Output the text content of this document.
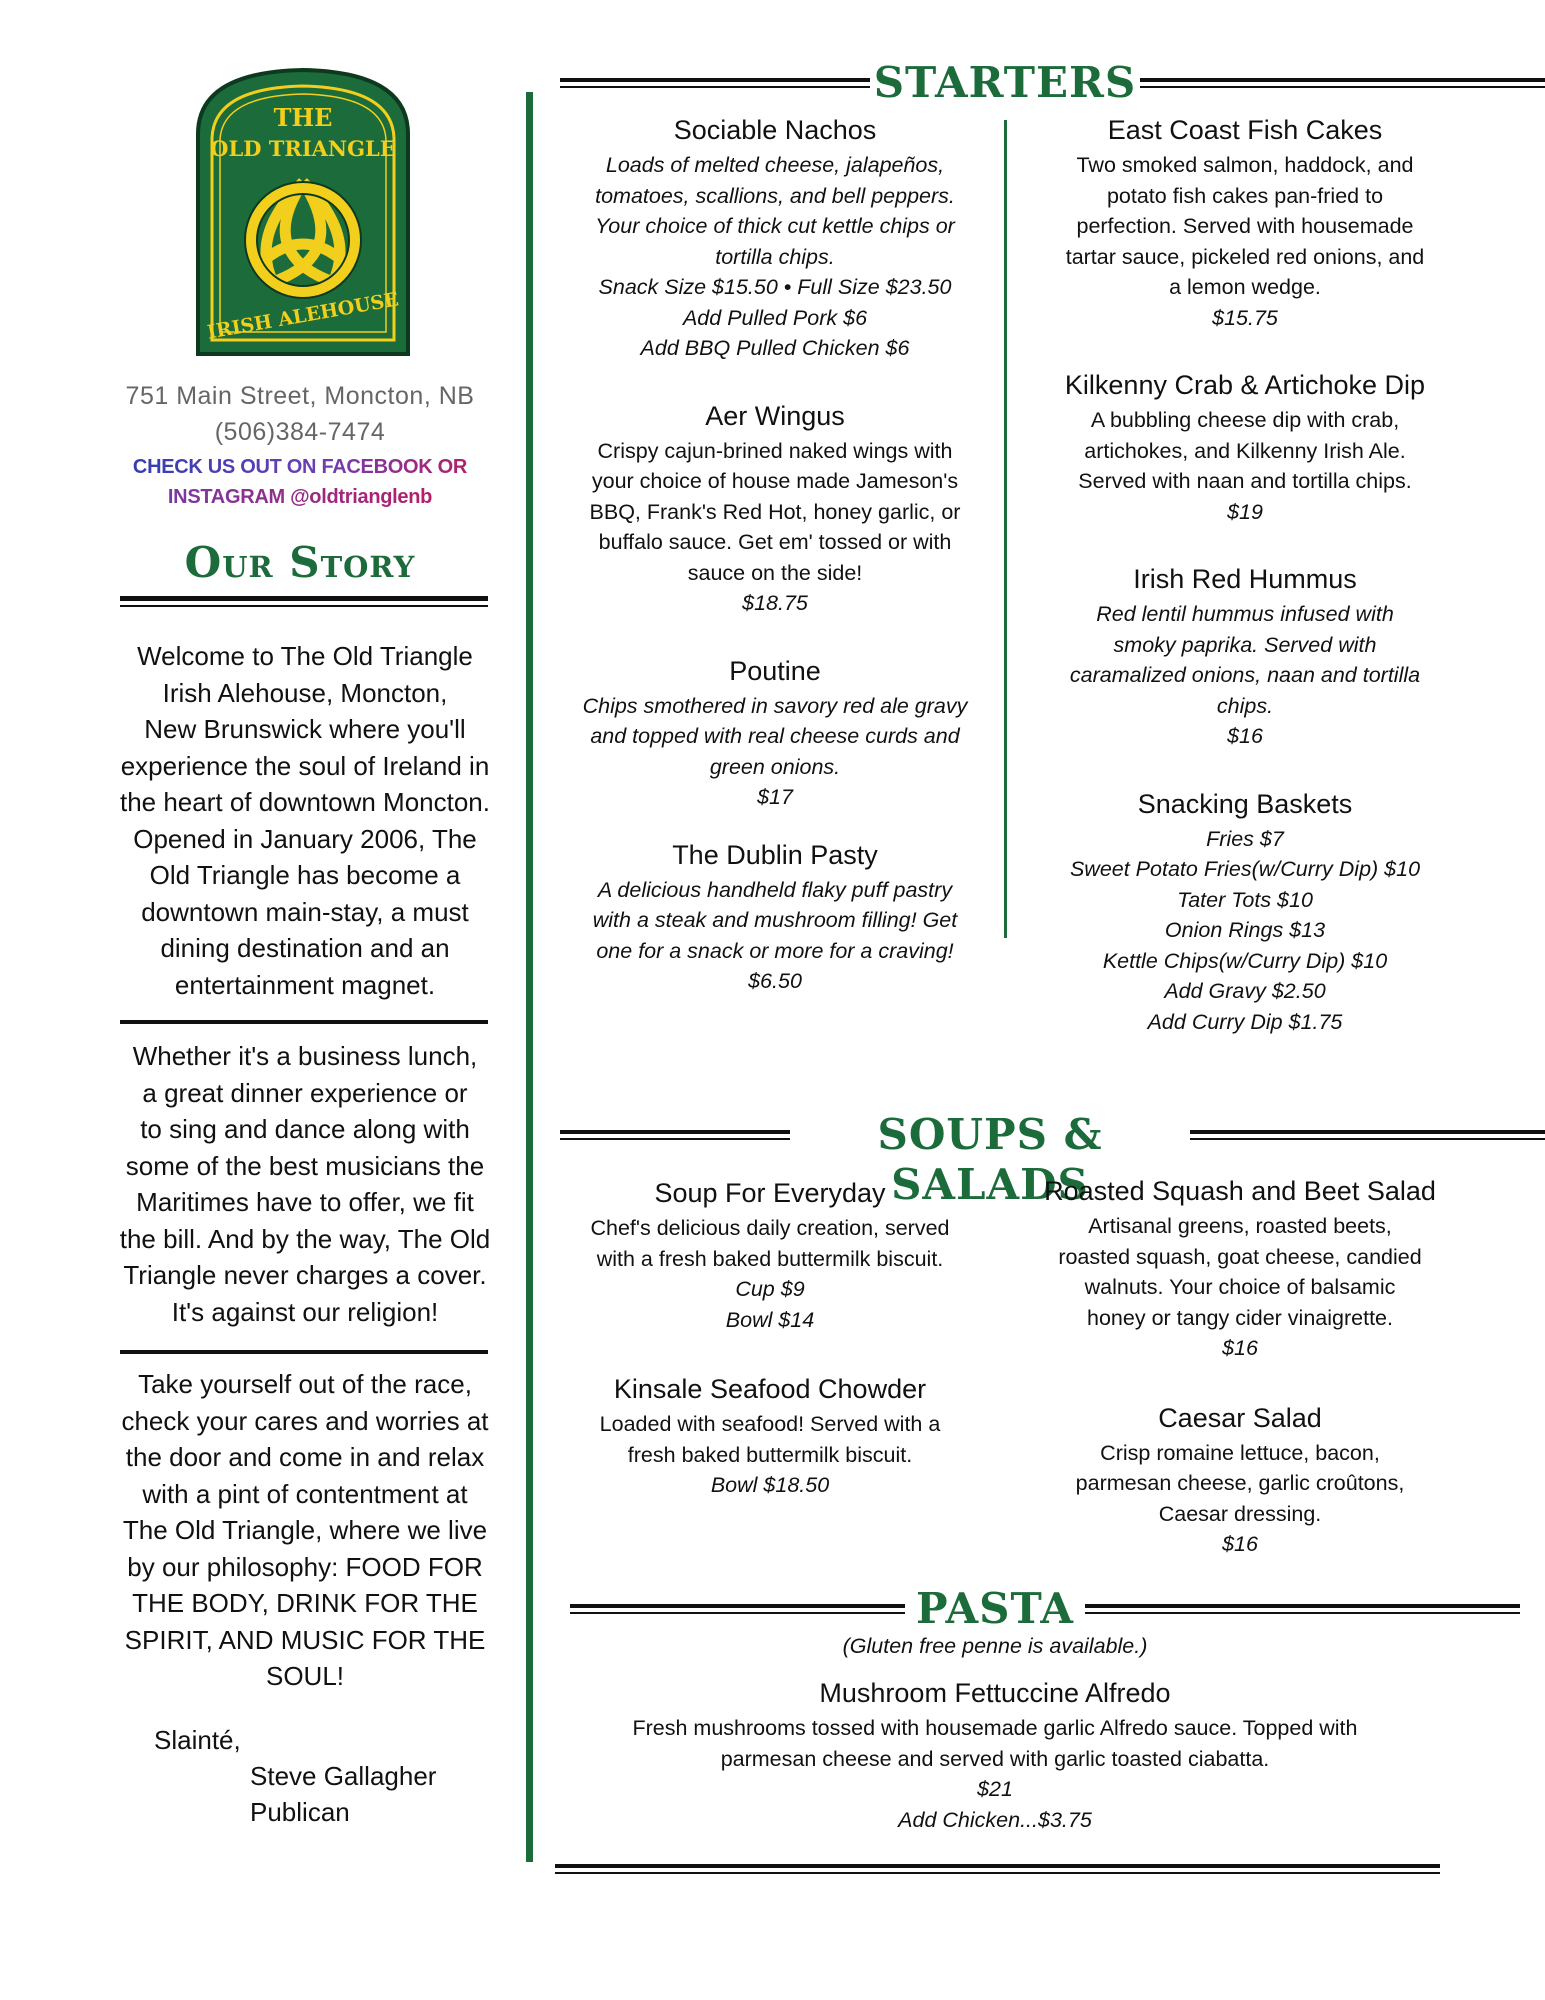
THE
OLD TRIANGLE
IRISH ALEHOUSE
751 Main Street, Moncton, NB
(506)384-7474
CHECK US OUT ON FACEBOOK OR
INSTAGRAM @oldtrianglenb
Our Story
Welcome to The Old Triangle
Irish Alehouse, Moncton,
New Brunswick where you'll
experience the soul of Ireland in
the heart of downtown Moncton.
Opened in January 2006, The
Old Triangle has become a
downtown main-stay, a must
dining destination and an
entertainment magnet.
Whether it's a business lunch,
a great dinner experience or
to sing and dance along with
some of the best musicians the
Maritimes have to offer, we fit
the bill. And by the way, The Old
Triangle never charges a cover.
It's against our religion!
Take yourself out of the race,
check your cares and worries at
the door and come in and relax
with a pint of contentment at
The Old Triangle, where we live
by our philosophy: FOOD FOR
THE BODY, DRINK FOR THE
SPIRIT, AND MUSIC FOR THE
SOUL!
Slainté,
Steve Gallagher
Publican
STARTERS
Sociable Nachos
Loads of melted cheese, jalapeños,
tomatoes, scallions, and bell peppers.
Your choice of thick cut kettle chips or
tortilla chips.
Snack Size $15.50 • Full Size $23.50
Add Pulled Pork $6
Add BBQ Pulled Chicken $6
Aer Wingus
Crispy cajun-brined naked wings with
your choice of house made Jameson's
BBQ, Frank's Red Hot, honey garlic, or
buffalo sauce. Get em' tossed or with
sauce on the side!
$18.75
Poutine
Chips smothered in savory red ale gravy
and topped with real cheese curds and
green onions.
$17
The Dublin Pasty
A delicious handheld flaky puff pastry
with a steak and mushroom filling! Get
one for a snack or more for a craving!
$6.50
East Coast Fish Cakes
Two smoked salmon, haddock, and
potato fish cakes pan-fried to
perfection. Served with housemade
tartar sauce, pickeled red onions, and
a lemon wedge.
$15.75
Kilkenny Crab & Artichoke Dip
A bubbling cheese dip with crab,
artichokes, and Kilkenny Irish Ale.
Served with naan and tortilla chips.
$19
Irish Red Hummus
Red lentil hummus infused with
smoky paprika. Served with
caramalized onions, naan and tortilla
chips.
$16
Snacking Baskets
Fries $7
Sweet Potato Fries(w/Curry Dip) $10
Tater Tots $10
Onion Rings $13
Kettle Chips(w/Curry Dip) $10
Add Gravy $2.50
Add Curry Dip $1.75
SOUPS & SALADS
Soup For Everyday
Chef's delicious daily creation, served
with a fresh baked buttermilk biscuit.
Cup $9
Bowl $14
Kinsale Seafood Chowder
Loaded with seafood! Served with a
fresh baked buttermilk biscuit.
Bowl $18.50
Roasted Squash and Beet Salad
Artisanal greens, roasted beets,
roasted squash, goat cheese, candied
walnuts. Your choice of balsamic
honey or tangy cider vinaigrette.
$16
Caesar Salad
Crisp romaine lettuce, bacon,
parmesan cheese, garlic croûtons,
Caesar dressing.
$16
PASTA
(Gluten free penne is available.)
Mushroom Fettuccine Alfredo
Fresh mushrooms tossed with housemade garlic Alfredo sauce. Topped with
parmesan cheese and served with garlic toasted ciabatta.
$21
Add Chicken...$3.75
